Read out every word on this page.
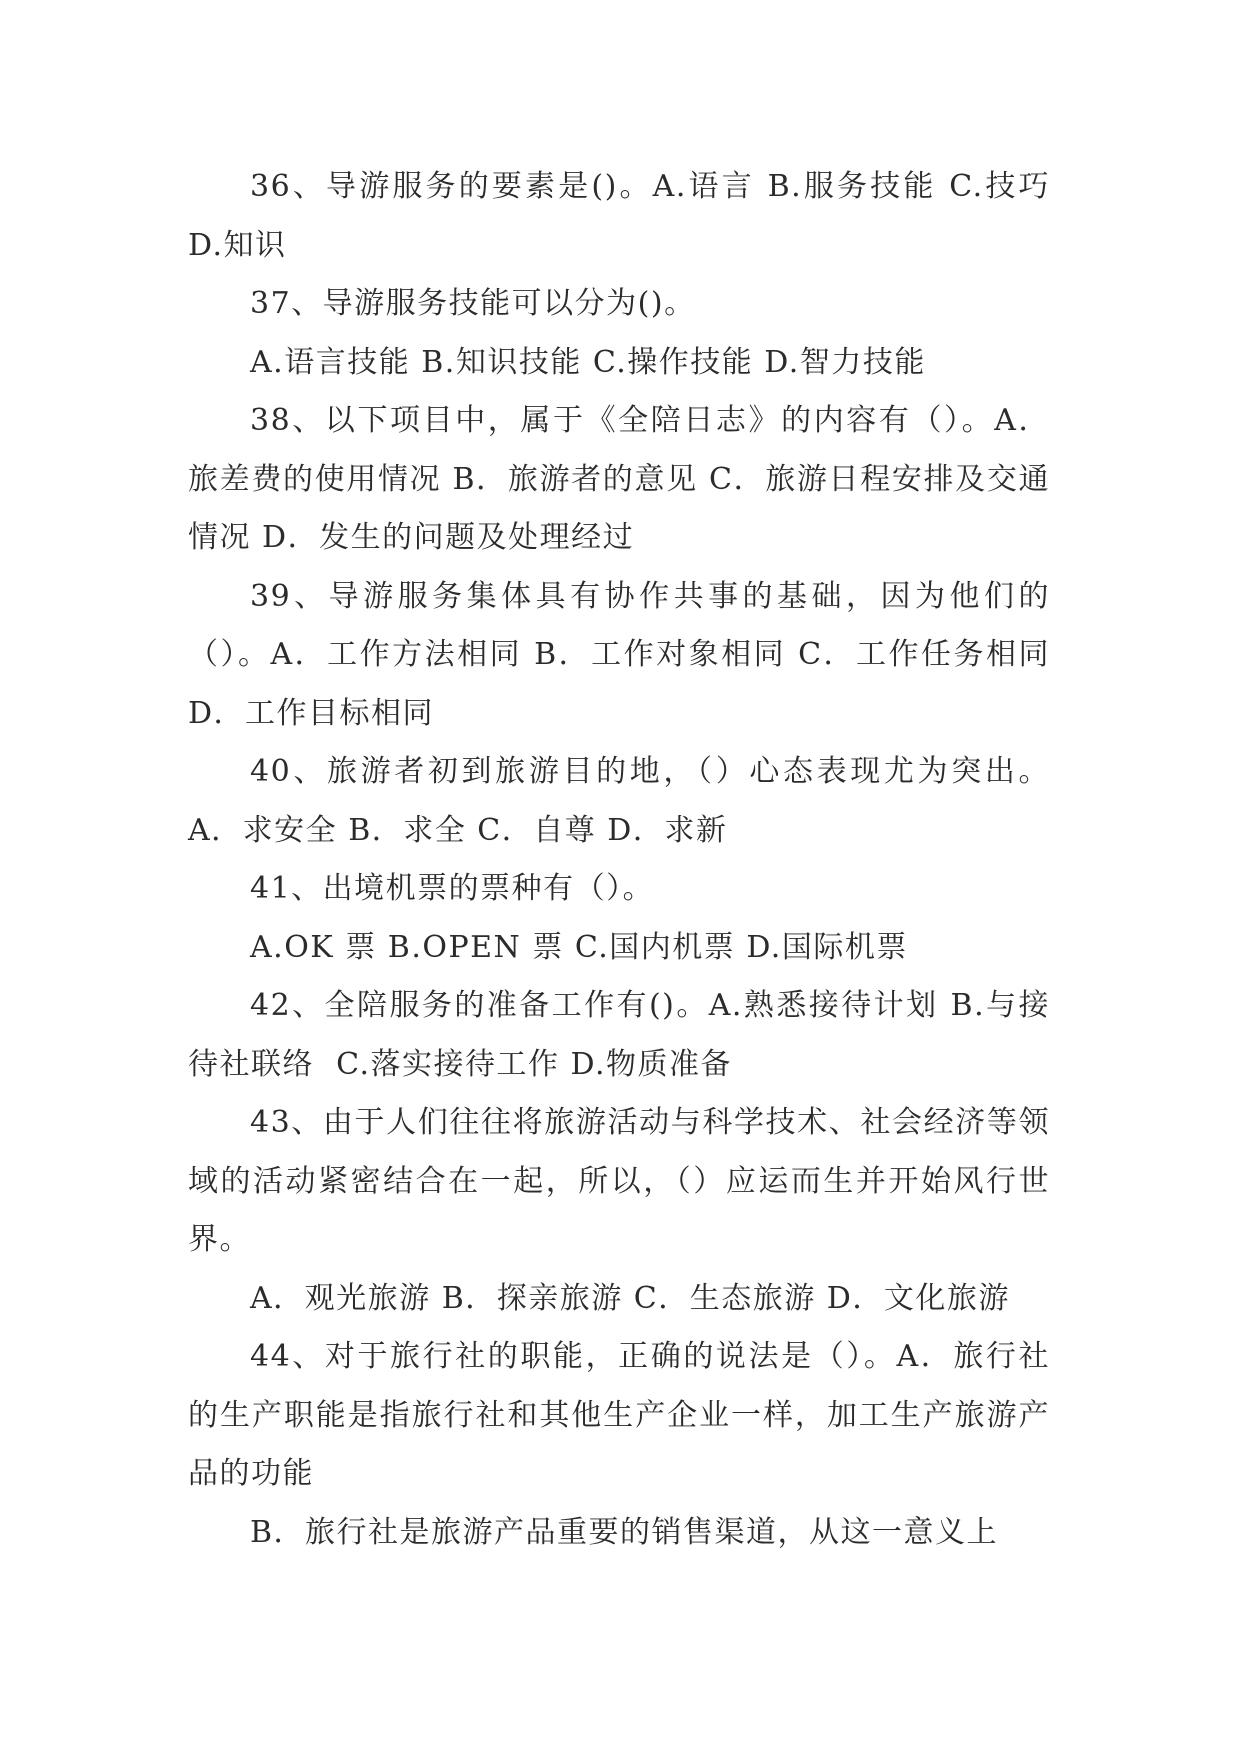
36、导游服务的要素是()。A.语言 B.服务技能 C.技巧 D.知识

37、导游服务技能可以分为()。

A.语言技能 B.知识技能 C.操作技能 D.智力技能

38、以下项目中，属于《全陪日志》的内容有（）。A．旅差费的使用情况 B．旅游者的意见 C．旅游日程安排及交通情况 D．发生的问题及处理经过

39、导游服务集体具有协作共事的基础，因为他们的（）。A．工作方法相同 B．工作对象相同 C．工作任务相同 D．工作目标相同

40、旅游者初到旅游目的地，（）心态表现尤为突出。A．求安全 B．求全 C．自尊 D．求新

41、出境机票的票种有（）。

A.OK 票 B.OPEN 票 C.国内机票 D.国际机票

42、全陪服务的准备工作有()。A.熟悉接待计划 B.与接待社联络  C.落实接待工作 D.物质准备

43、由于人们往往将旅游活动与科学技术、社会经济等领域的活动紧密结合在一起，所以，（）应运而生并开始风行世界。

A．观光旅游 B．探亲旅游 C．生态旅游 D．文化旅游

44、对于旅行社的职能，正确的说法是（）。A．旅行社的生产职能是指旅行社和其他生产企业一样，加工生产旅游产品的功能

B．旅行社是旅游产品重要的销售渠道，从这一意义上
